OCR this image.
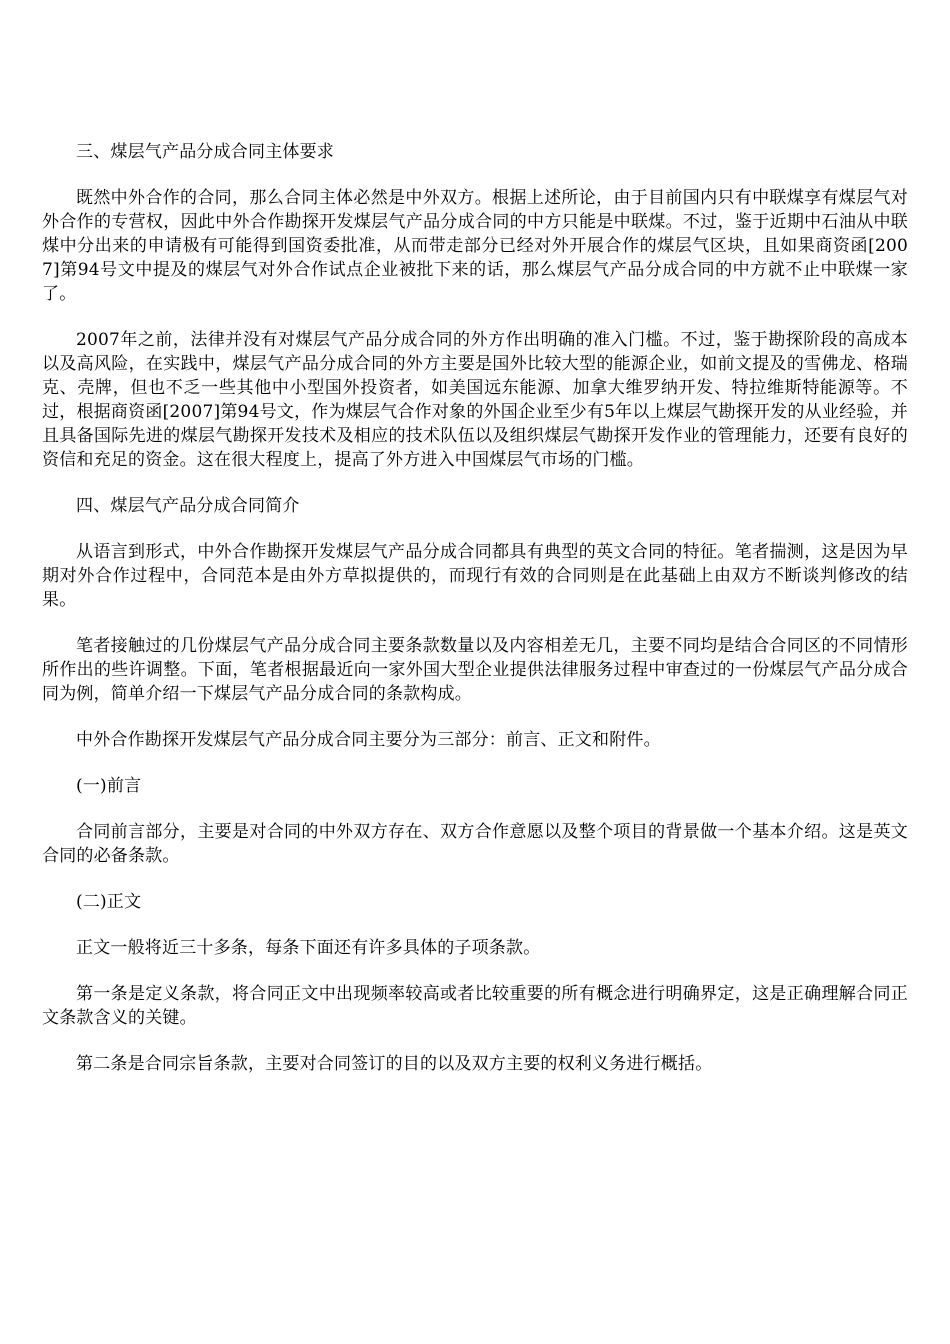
三、煤层气产品分成合同主体要求

既然中外合作的合同，那么合同主体必然是中外双方。根据上述所论，由于目前国内只有中联煤享有煤层气对外合作的专营权，因此中外合作勘探开发煤层气产品分成合同的中方只能是中联煤。不过，鉴于近期中石油从中联煤中分出来的申请极有可能得到国资委批准，从而带走部分已经对外开展合作的煤层气区块，且如果商资函[2007]第94号文中提及的煤层气对外合作试点企业被批下来的话，那么煤层气产品分成合同的中方就不止中联煤一家了。

2007年之前，法律并没有对煤层气产品分成合同的外方作出明确的准入门槛。不过，鉴于勘探阶段的高成本以及高风险，在实践中，煤层气产品分成合同的外方主要是国外比较大型的能源企业，如前文提及的雪佛龙、格瑞克、壳牌，但也不乏一些其他中小型国外投资者，如美国远东能源、加拿大维罗纳开发、特拉维斯特能源等。不过，根据商资函[2007]第94号文，作为煤层气合作对象的外国企业至少有5年以上煤层气勘探开发的从业经验，并且具备国际先进的煤层气勘探开发技术及相应的技术队伍以及组织煤层气勘探开发作业的管理能力，还要有良好的资信和充足的资金。这在很大程度上，提高了外方进入中国煤层气市场的门槛。

四、煤层气产品分成合同简介

从语言到形式，中外合作勘探开发煤层气产品分成合同都具有典型的英文合同的特征。笔者揣测，这是因为早期对外合作过程中，合同范本是由外方草拟提供的，而现行有效的合同则是在此基础上由双方不断谈判修改的结果。

笔者接触过的几份煤层气产品分成合同主要条款数量以及内容相差无几，主要不同均是结合合同区的不同情形所作出的些许调整。下面，笔者根据最近向一家外国大型企业提供法律服务过程中审查过的一份煤层气产品分成合同为例，简单介绍一下煤层气产品分成合同的条款构成。

中外合作勘探开发煤层气产品分成合同主要分为三部分：前言、正文和附件。

(一)前言

合同前言部分，主要是对合同的中外双方存在、双方合作意愿以及整个项目的背景做一个基本介绍。这是英文合同的必备条款。

(二)正文

正文一般将近三十多条，每条下面还有许多具体的子项条款。

第一条是定义条款，将合同正文中出现频率较高或者比较重要的所有概念进行明确界定，这是正确理解合同正文条款含义的关键。

第二条是合同宗旨条款，主要对合同签订的目的以及双方主要的权利义务进行概括。
